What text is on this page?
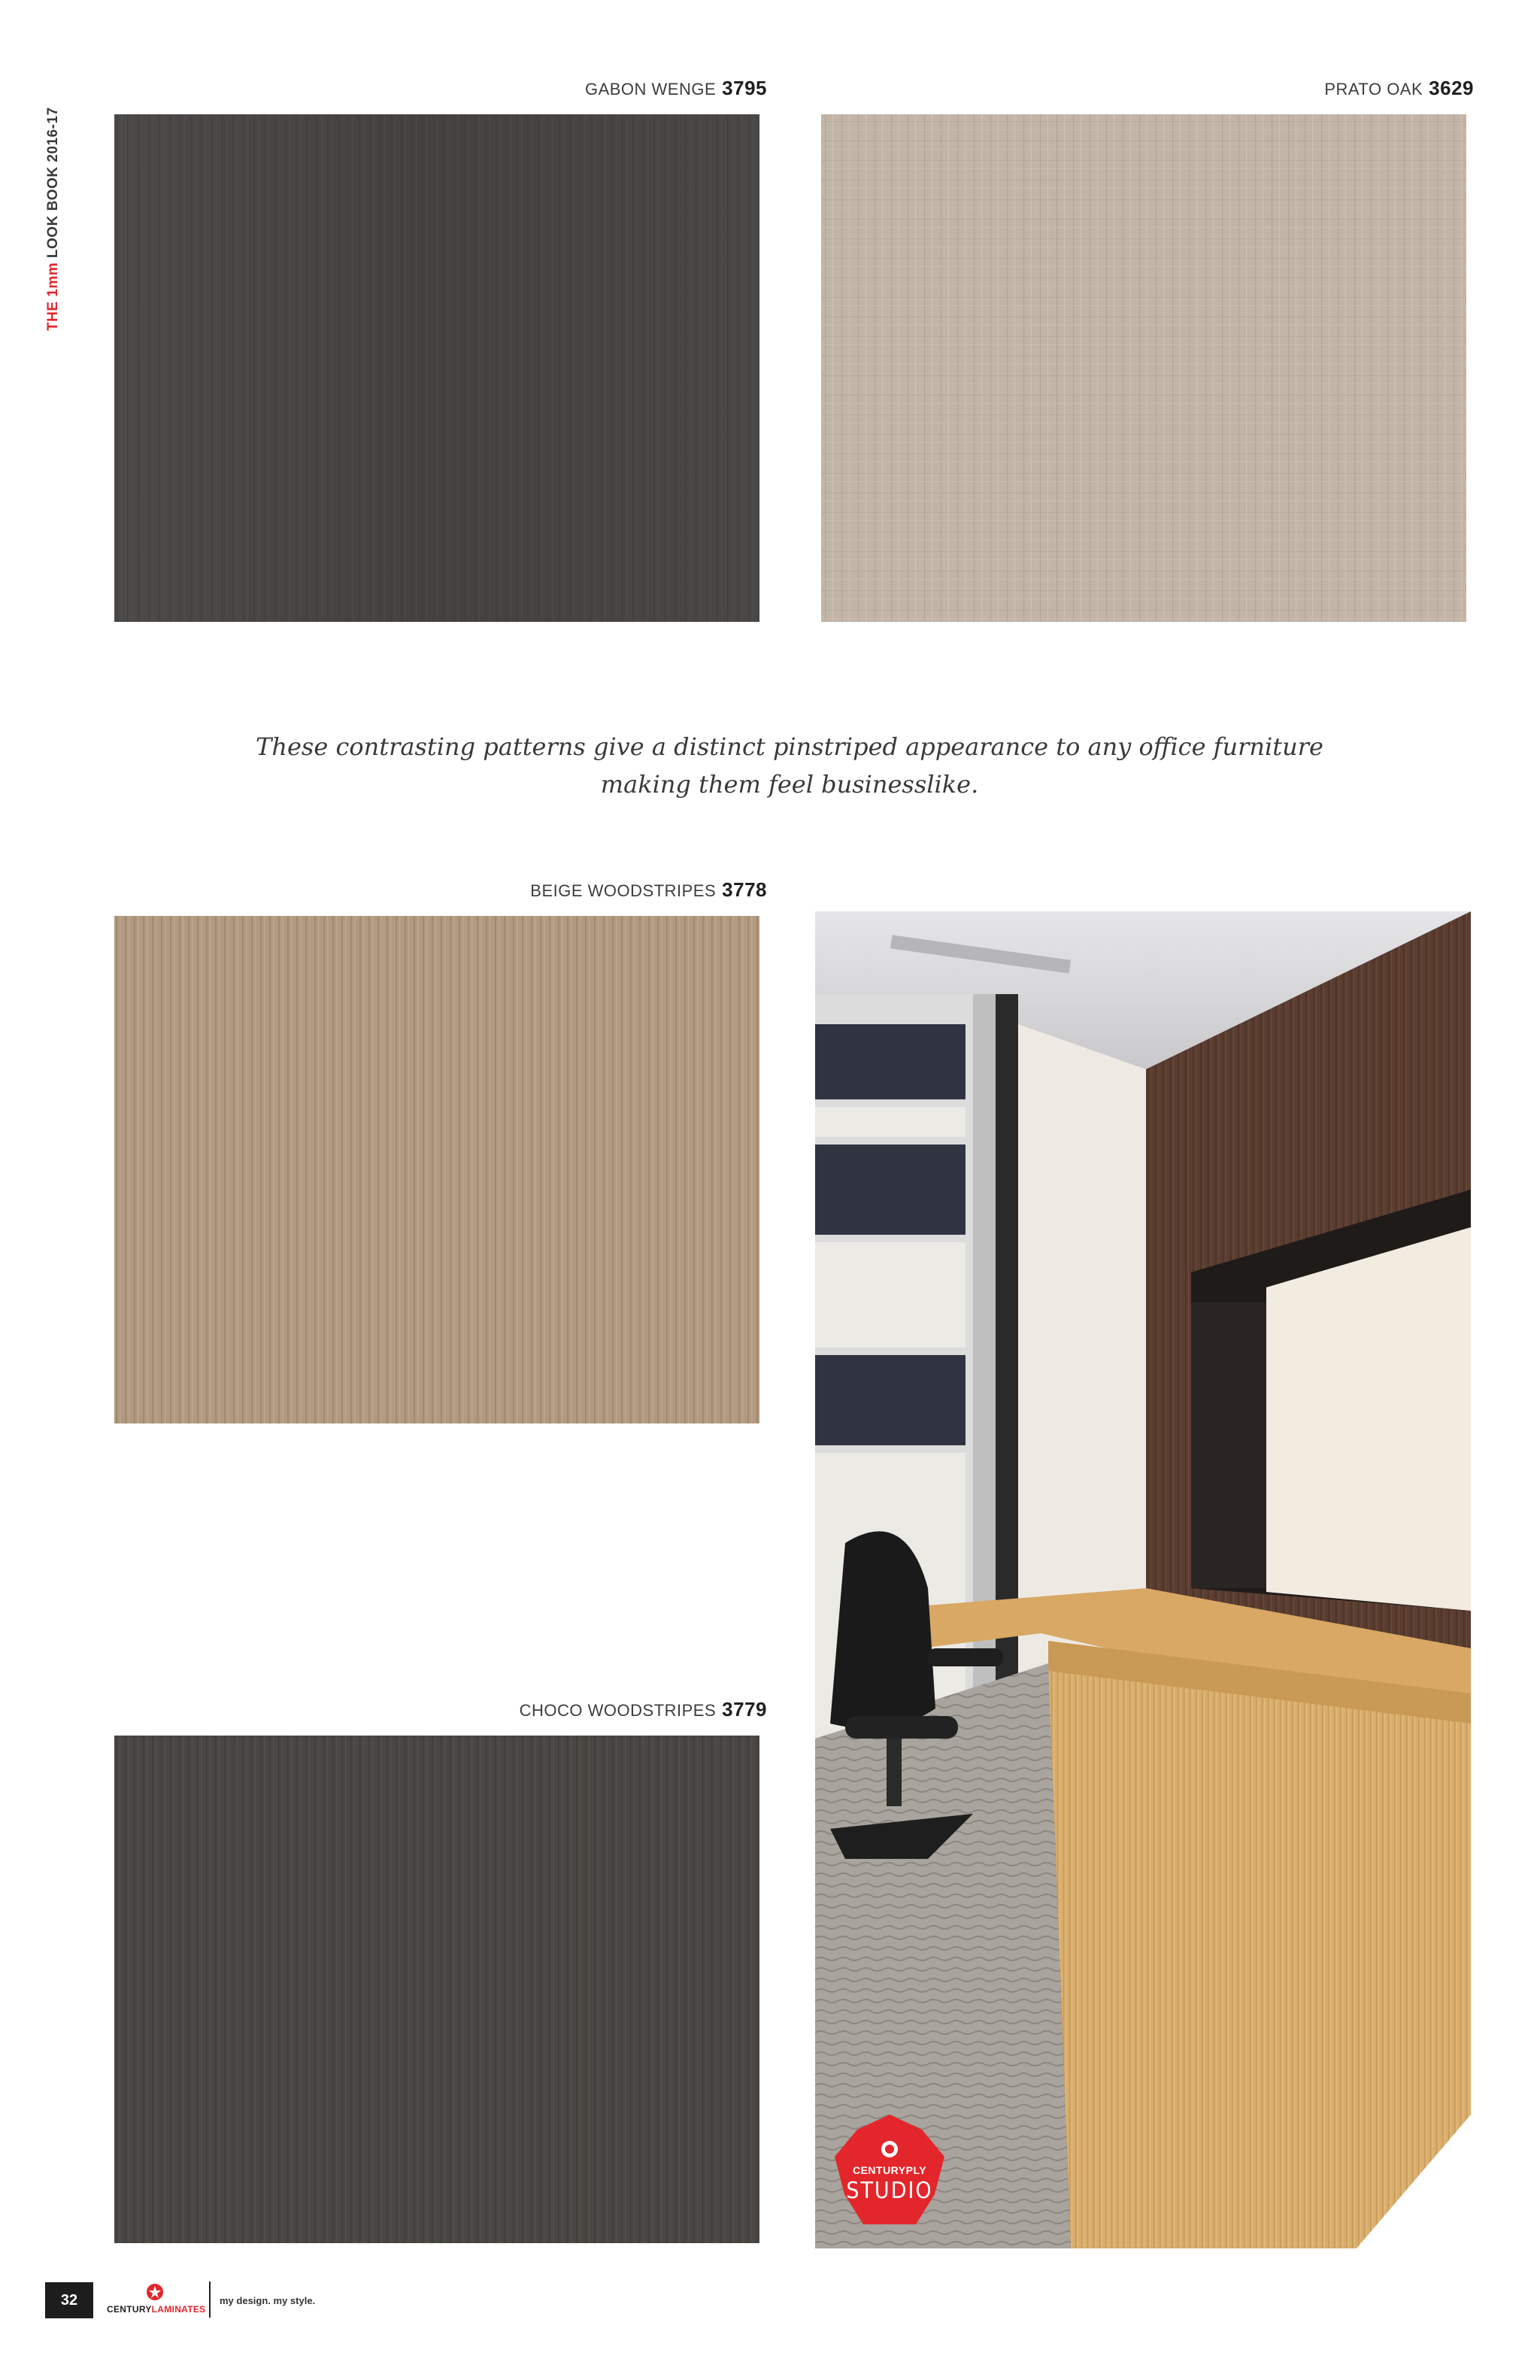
THE 1mm LOOK BOOK 2016-17
GABON WENGE 3795	PRATO OAK 3629
These contrasting patterns give a distinct pinstriped appearance to any office furniture
making them feel businesslike.
BEIGE WOODSTRIPES 3778
CHOCO WOODSTRIPES 3779
CENTURYPLY
STUDIO
32
CENTURYLAMINATES
my design. my style.
